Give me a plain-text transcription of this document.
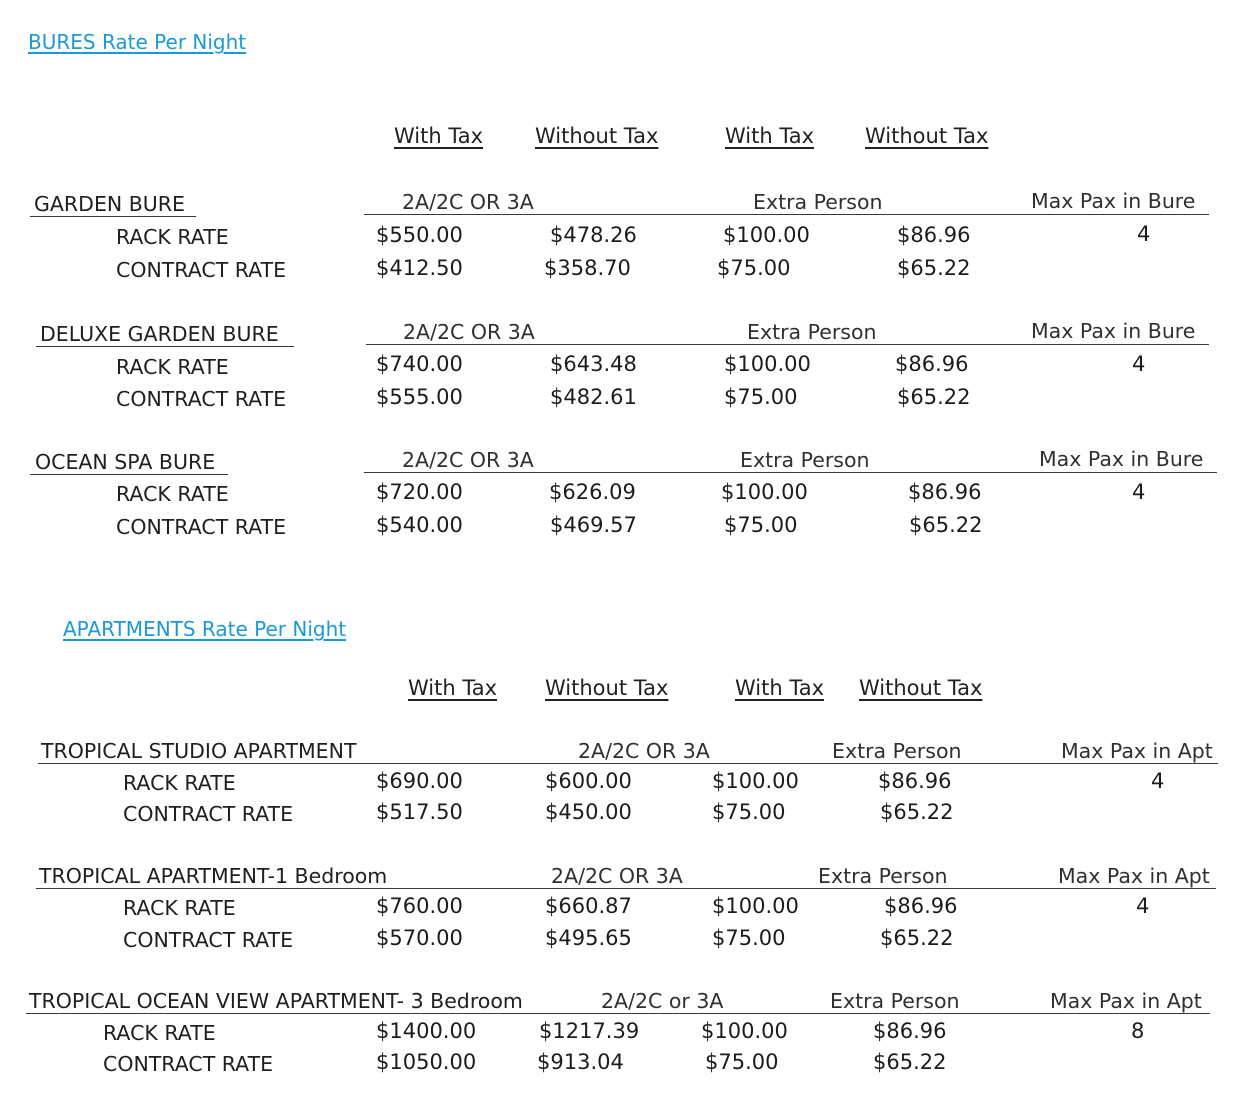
BURES Rate Per Night
With Tax Without Tax	With Tax Without Tax
GARDEN BURE	2A/2C OR 3A	Extra Person	Max Pax in Bure
RACK RATE	$550.00	$478.26	$100.00	$86.96	4
CONTRACT RATE	$412.50	$358.70	$75.00	$65.22
DELUXE GARDEN BURE	2A/2C OR 3A	Extra Person	Max Pax in Bure
RACK RATE	$740.00	$643.48	$100.00	$86.96	4
CONTRACT RATE	$555.00	$482.61	$75.00	$65.22
OCEAN SPA BURE	2A/2C OR 3A	Extra Person	Max Pax in Bure
RACK RATE	$720.00	$626.09	$100.00	$86.96	4
CONTRACT RATE	$540.00	$469.57	$75.00	$65.22
APARTMENTS Rate Per Night
With Tax Without Tax	With Tax Without Tax
TROPICAL STUDIO APARTMENT	2A/2C OR 3A	Extra Person	Max Pax in Apt
RACK RATE	$690.00	$600.00	$100.00	$86.96	4
CONTRACT RATE	$517.50	$450.00	$75.00	$65.22
TROPICAL APARTMENT-1 Bedroom	2A/2C OR 3A	Extra Person	Max Pax in Apt
RACK RATE	$760.00	$660.87	$100.00	$86.96	4
CONTRACT RATE	$570.00	$495.65	$75.00	$65.22
TROPICAL OCEAN VIEW APARTMENT- 3 Bedroom	2A/2C or 3A	Extra Person	Max Pax in Apt
RACK RATE	$1400.00	$1217.39	$100.00	$86.96	8
CONTRACT RATE	$1050.00	$913.04	$75.00	$65.22
